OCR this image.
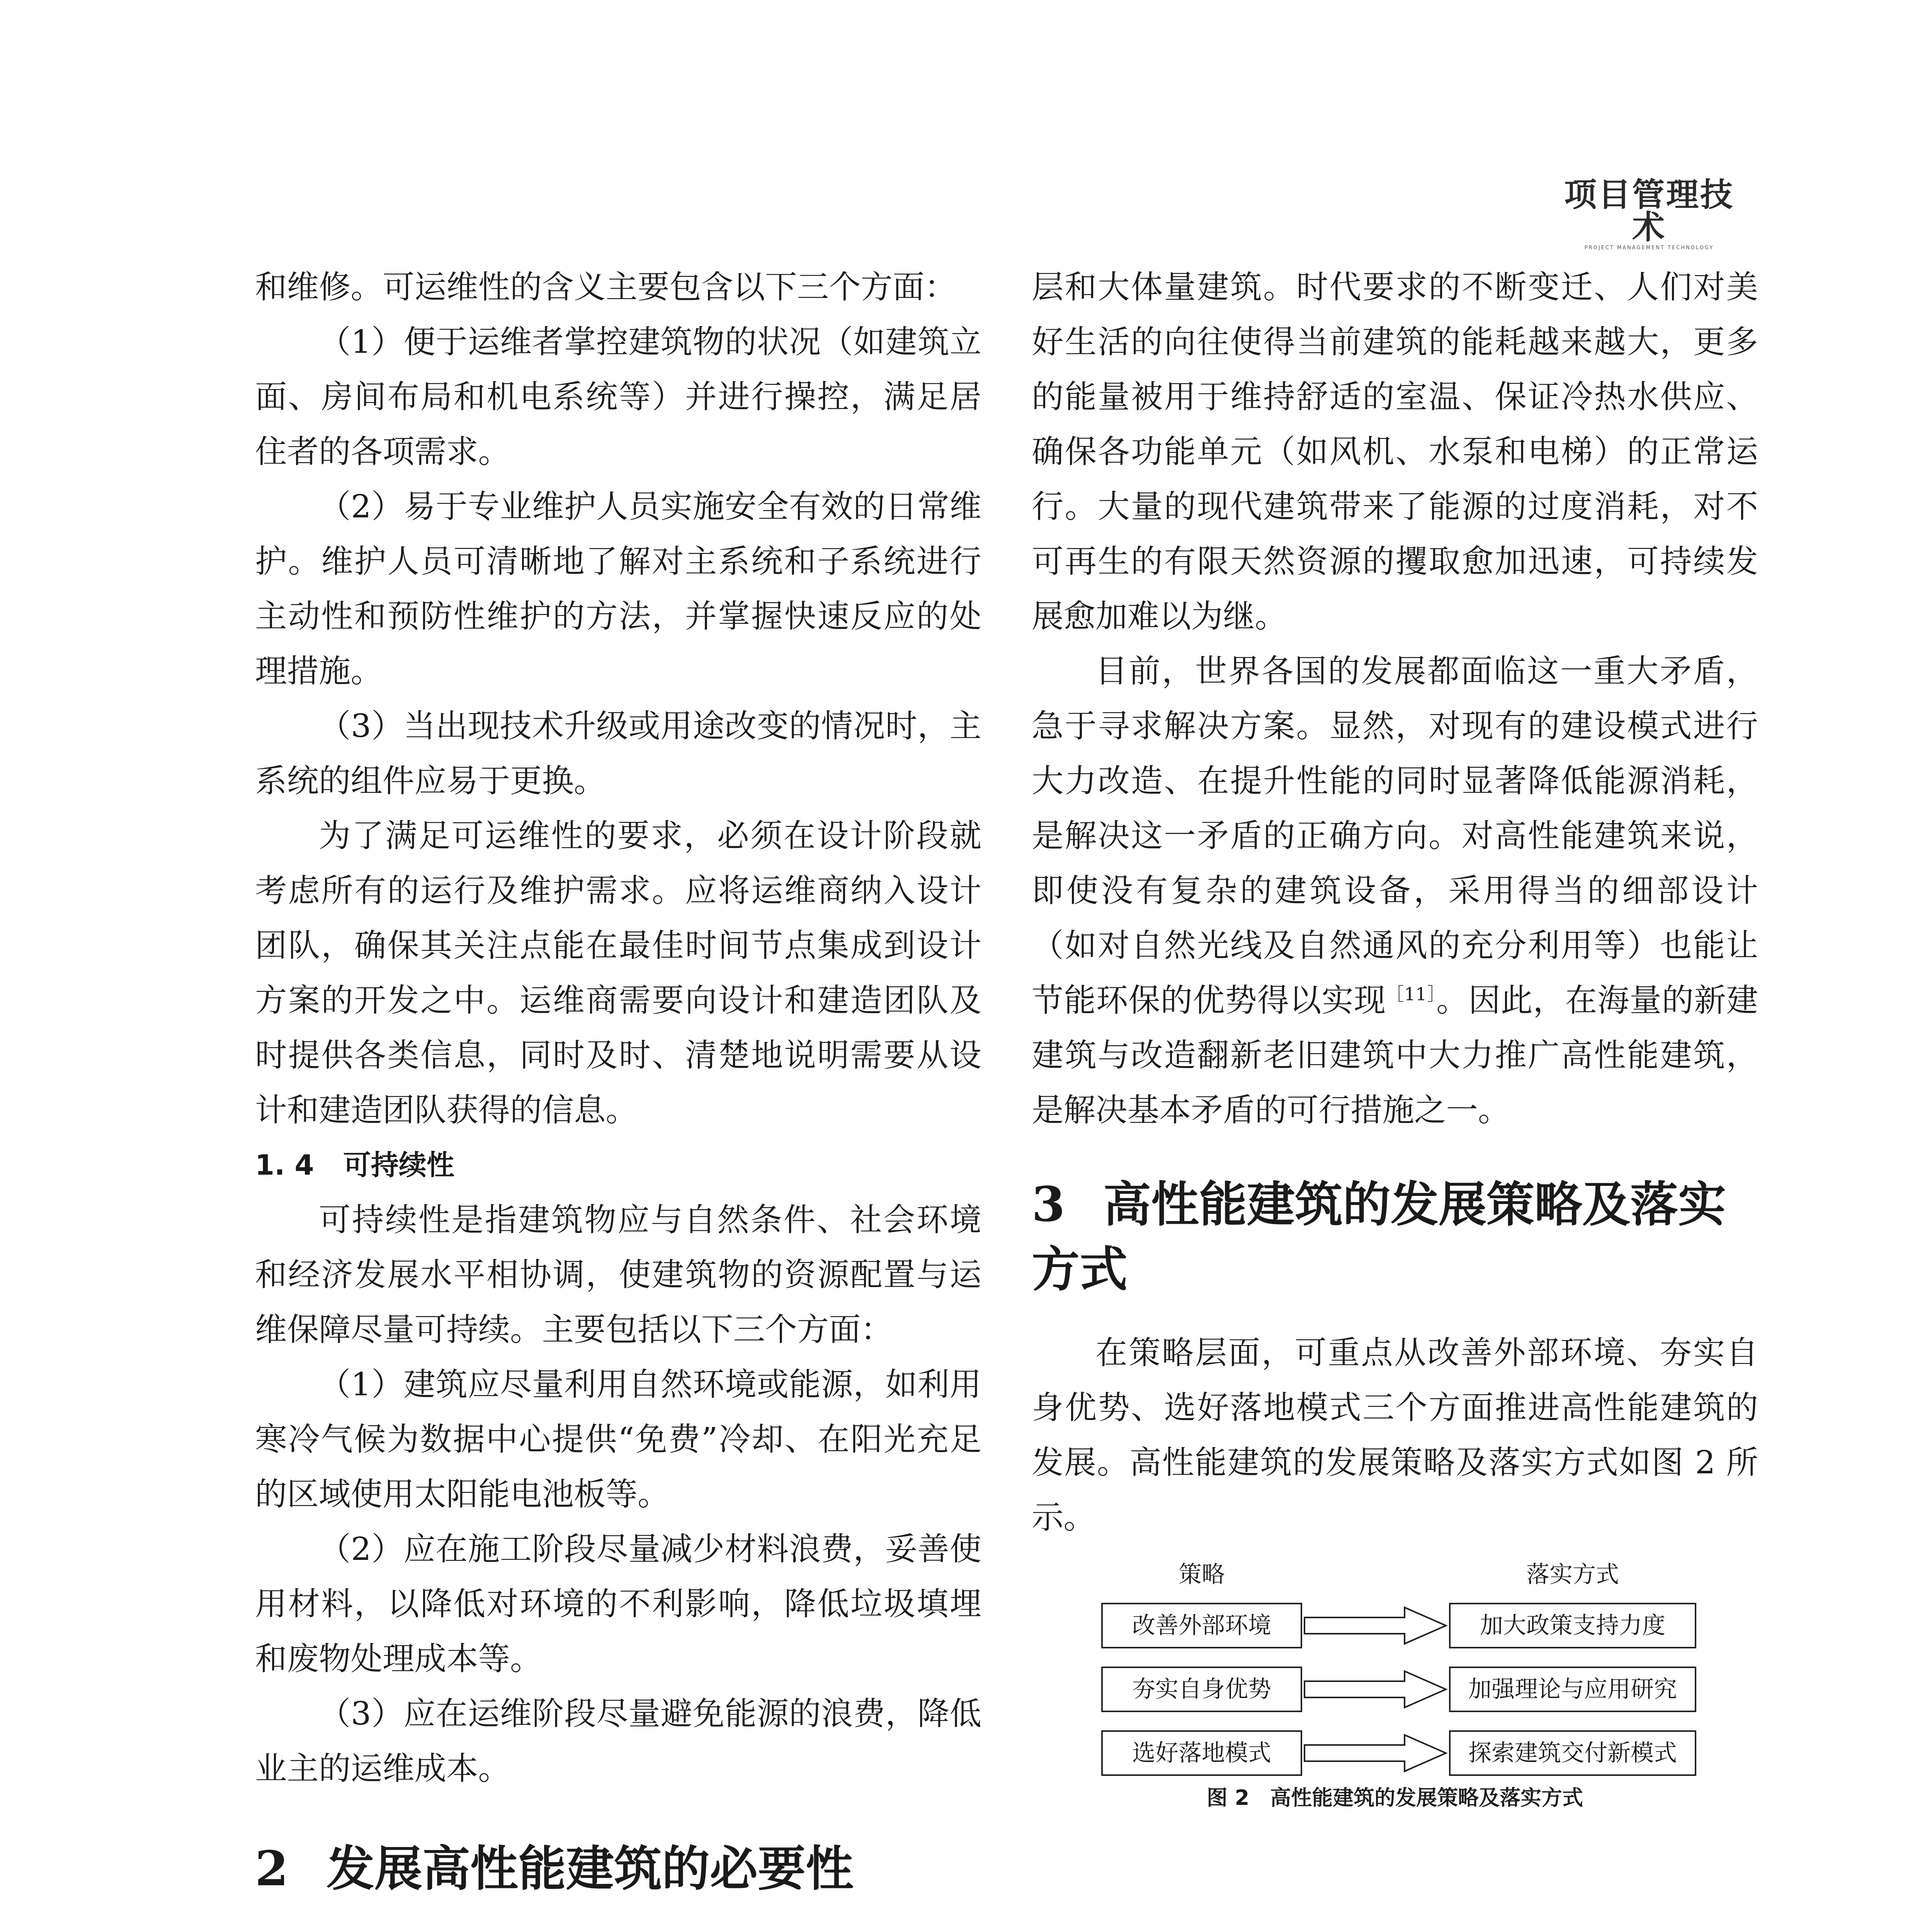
项目管理技术
PROJECT MANAGEMENT TECHNOLOGY

和维修。可运维性的含义主要包含以下三个方面：

（1）便于运维者掌控建筑物的状况（如建筑立面、房间布局和机电系统等）并进行操控，满足居住者的各项需求。

（2）易于专业维护人员实施安全有效的日常维护。维护人员可清晰地了解对主系统和子系统进行主动性和预防性维护的方法，并掌握快速反应的处理措施。

（3）当出现技术升级或用途改变的情况时，主系统的组件应易于更换。

为了满足可运维性的要求，必须在设计阶段就考虑所有的运行及维护需求。应将运维商纳入设计团队，确保其关注点能在最佳时间节点集成到设计方案的开发之中。运维商需要向设计和建造团队及时提供各类信息，同时及时、清楚地说明需要从设计和建造团队获得的信息。

1. 4 可持续性

可持续性是指建筑物应与自然条件、社会环境和经济发展水平相协调，使建筑物的资源配置与运维保障尽量可持续。主要包括以下三个方面：

（1）建筑应尽量利用自然环境或能源，如利用寒冷气候为数据中心提供“免费”冷却、在阳光充足的区域使用太阳能电池板等。

（2）应在施工阶段尽量减少材料浪费，妥善使用材料，以降低对环境的不利影响，降低垃圾填埋和废物处理成本等。

（3）应在运维阶段尽量避免能源的浪费，降低业主的运维成本。

2 发展高性能建筑的必要性

层和大体量建筑。时代要求的不断变迁、人们对美好生活的向往使得当前建筑的能耗越来越大，更多的能量被用于维持舒适的室温、保证冷热水供应、确保各功能单元（如风机、水泵和电梯）的正常运行。大量的现代建筑带来了能源的过度消耗，对不可再生的有限天然资源的攫取愈加迅速，可持续发展愈加难以为继。

目前，世界各国的发展都面临这一重大矛盾，急于寻求解决方案。显然，对现有的建设模式进行大力改造、在提升性能的同时显著降低能源消耗，是解决这一矛盾的正确方向。对高性能建筑来说，即使没有复杂的建筑设备，采用得当的细部设计（如对自然光线及自然通风的充分利用等）也能让节能环保的优势得以实现$^{[11]}$。因此，在海量的新建建筑与改造翻新老旧建筑中大力推广高性能建筑，是解决基本矛盾的可行措施之一。

3 高性能建筑的发展策略及落实方式

在策略层面，可重点从改善外部环境、夯实自身优势、选好落地模式三个方面推进高性能建筑的发展。高性能建筑的发展策略及落实方式如图 2 所示。

策略	落实方式
改善外部环境	加大政策支持力度
夯实自身优势	加强理论与应用研究
选好落地模式	探索建筑交付新模式
图 2　高性能建筑的发展策略及落实方式
